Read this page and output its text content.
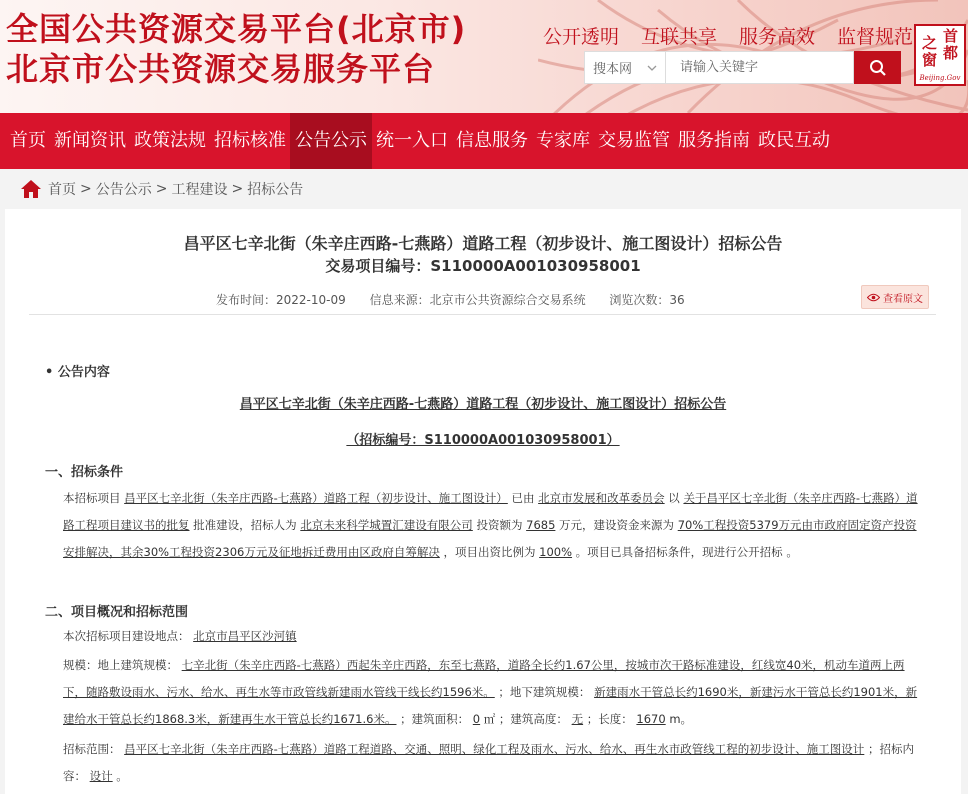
全国公共资源交易平台(北京市)
北京市公共资源交易服务平台
公开透明 互联共享 服务高效 监督规范
搜本网
请输入关键字
首
都
之
窗
Beijing.Gov
首页 新闻资讯 政策法规 招标核准 公告公示 统一入口 信息服务 专家库 交易监管 服务指南 政民互动
首页 > 公告公示 > 工程建设 > 招标公告
昌平区七辛北街（朱辛庄西路-七燕路）道路工程（初步设计、施工图设计）招标公告
交易项目编号：S110000A001030958001
发布时间：2022-10-09 信息来源：北京市公共资源综合交易系统 浏览次数：36	查看原文
• 公告内容
昌平区七辛北街（朱辛庄西路-七燕路）道路工程（初步设计、施工图设计）招标公告
（招标编号：S110000A001030958001）
一、招标条件
本招标项目 昌平区七辛北街（朱辛庄西路-七燕路）道路工程（初步设计、施工图设计） 已由 北京市发展和改革委员会 以 关于昌平区七辛北街（朱辛庄西路-七燕路）道路工程项目建议书的批复 批准建设，招标人为 北京未来科学城置汇建设有限公司 投资额为 7685 万元，建设资金来源为 70%工程投资5379万元由市政府固定资产投资安排解决，其余30%工程投资2306万元及征地拆迁费用由区政府自筹解决 ，项目出资比例为 100% 。项目已具备招标条件，现进行公开招标 。
二、项目概况和招标范围
本次招标项目建设地点： 北京市昌平区沙河镇
规模：地上建筑规模： 七辛北街（朱辛庄西路-七燕路）西起朱辛庄西路，东至七燕路，道路全长约1.67公里，按城市次干路标准建设，红线宽40米，机动车道两上两下，随路敷设雨水、污水、给水、再生水等市政管线新建雨水管线干线长约1596米。 ；地下建筑规模： 新建雨水干管总长约1690米，新建污水干管总长约1901米，新建给水干管总长约1868.3米，新建再生水干管总长约1671.6米。 ；建筑面积： 0 ㎡ ；建筑高度： 无 ；长度： 1670 m。
招标范围： 昌平区七辛北街（朱辛庄西路-七燕路）道路工程道路、交通、照明、绿化工程及雨水、污水、给水、再生水市政管线工程的初步设计、施工图设计 ；招标内容： 设计 。
